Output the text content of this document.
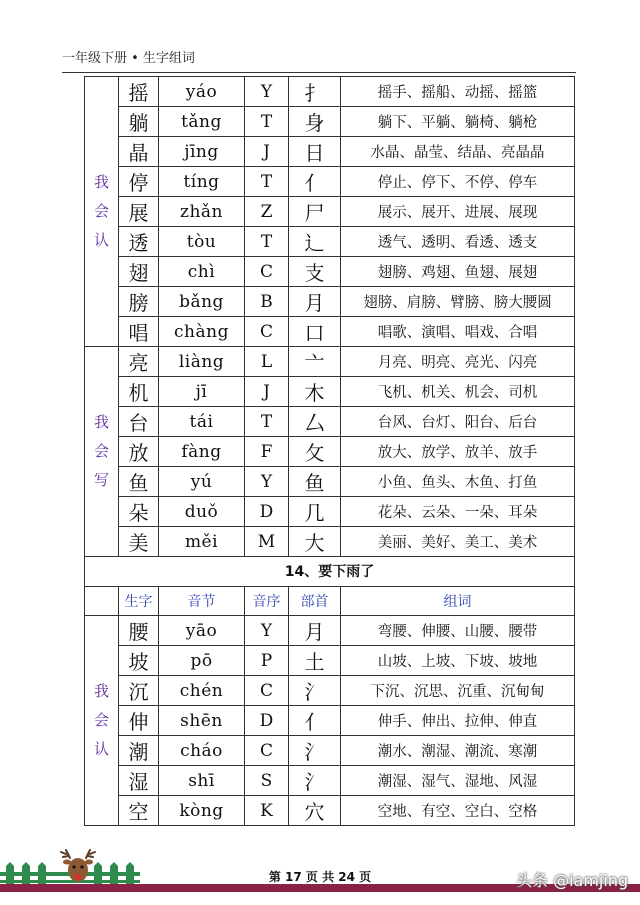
一年级下册 • 生字组词
我
会
认	摇	yáo	Y	扌	摇手、摇船、动摇、摇篮
	躺	tǎng	T	身	躺下、平躺、躺椅、躺枪
	晶	jīng	J	日	水晶、晶莹、结晶、亮晶晶
	停	tíng	T	亻	停止、停下、不停、停车
	展	zhǎn	Z	尸	展示、展开、进展、展现
	透	tòu	T	辶	透气、透明、看透、透支
	翅	chì	C	支	翅膀、鸡翅、鱼翅、展翅
	膀	bǎng	B	月	翅膀、肩膀、臂膀、膀大腰圆
	唱	chàng	C	口	唱歌、演唱、唱戏、合唱
我
会
写	亮	liàng	L	亠	月亮、明亮、亮光、闪亮
	机	jī	J	木	飞机、机关、机会、司机
	台	tái	T	厶	台风、台灯、阳台、后台
	放	fàng	F	攵	放大、放学、放羊、放手
	鱼	yú	Y	鱼	小鱼、鱼头、木鱼、打鱼
	朵	duǒ	D	几	花朵、云朵、一朵、耳朵
	美	měi	M	大	美丽、美好、美工、美术
14、要下雨了					
	生字	音节	音序	部首	组词
我
会
认	腰	yāo	Y	月	弯腰、伸腰、山腰、腰带
	坡	pō	P	土	山坡、上坡、下坡、坡地
	沉	chén	C	氵	下沉、沉思、沉重、沉甸甸
	伸	shēn	D	亻	伸手、伸出、拉伸、伸直
	潮	cháo	C	氵	潮水、潮湿、潮流、寒潮
	湿	shī	S	氵	潮湿、湿气、湿地、风湿
	空	kòng	K	穴	空地、有空、空白、空格
第 17 页 共 24 页	头条 @iamjing
